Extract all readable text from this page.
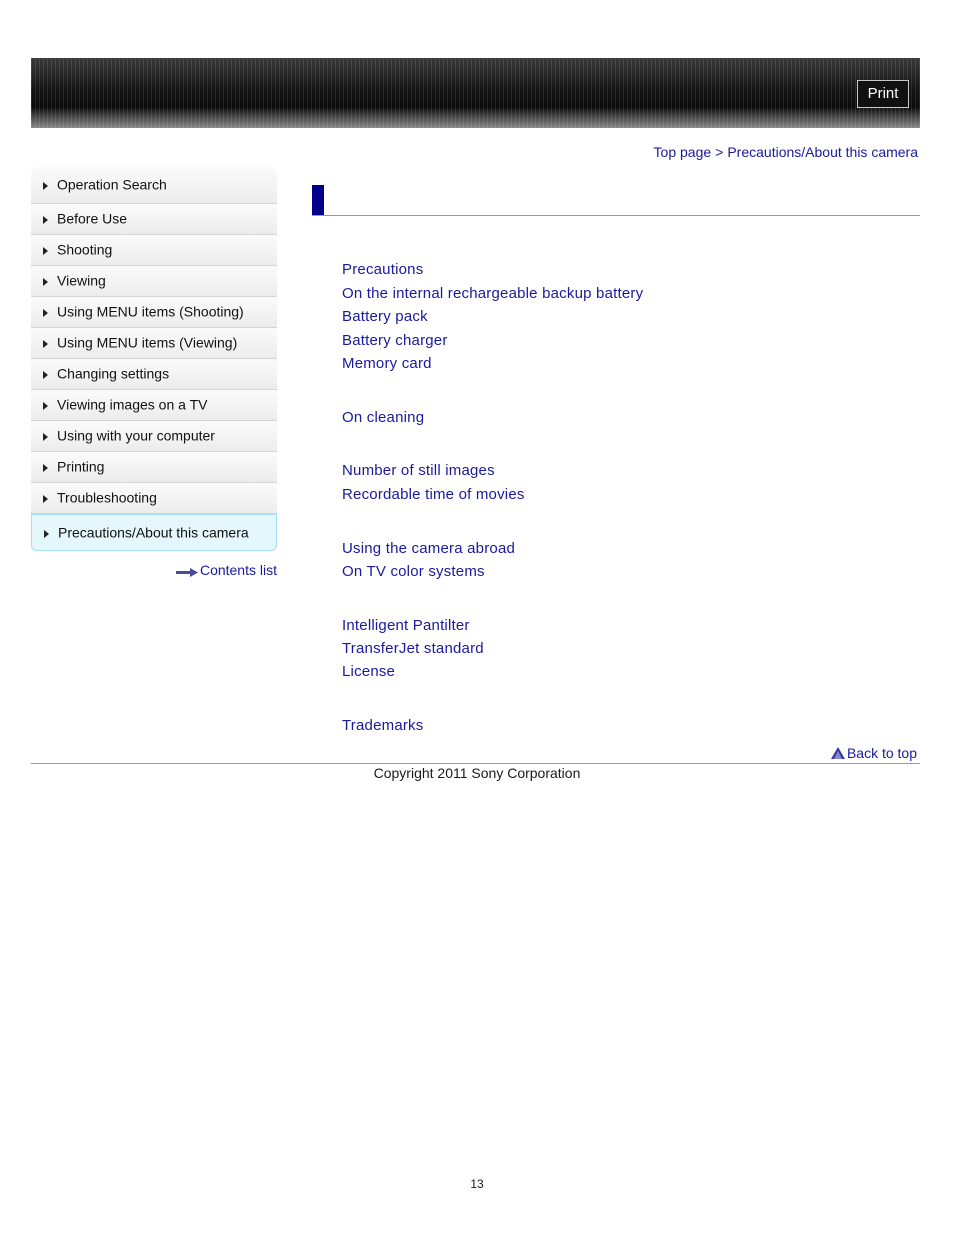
Print
Top page > Precautions/About this camera
Operation Search
Before Use
Shooting
Viewing
Using MENU items (Shooting)
Using MENU items (Viewing)
Changing settings
Viewing images on a TV
Using with your computer
Printing
Troubleshooting
Precautions/About this camera
Contents list
Precautions
On the internal rechargeable backup battery
Battery pack
Battery charger
Memory card
On cleaning
Number of still images
Recordable time of movies
Using the camera abroad
On TV color systems
Intelligent Pantilter
TransferJet standard
License
Trademarks
Back to top
Copyright 2011 Sony Corporation
13
